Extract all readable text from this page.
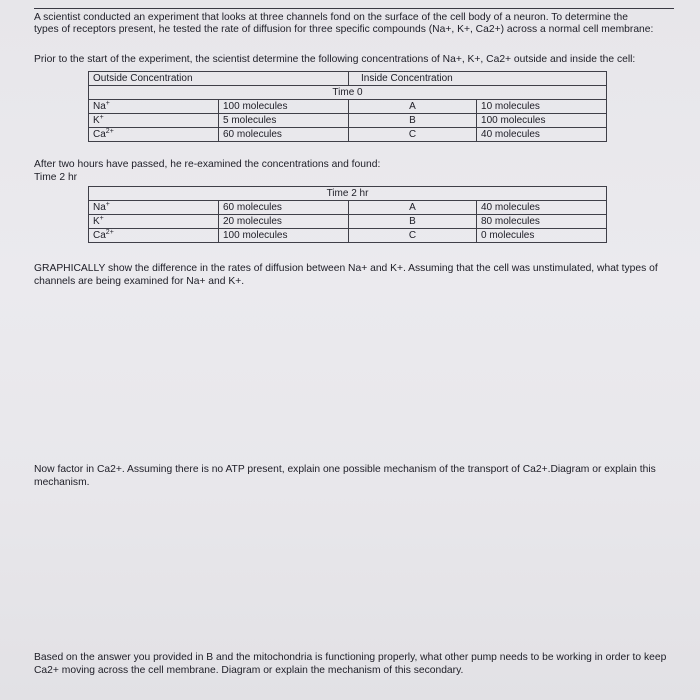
A scientist conducted an experiment that looks at three channels fond on the surface of the cell body of a neuron. To determine the
types of receptors present, he tested the rate of diffusion for three specific compounds (Na+, K+, Ca2+) across a normal cell membrane:
Prior to the start of the experiment, the scientist determine the following concentrations of Na+, K+, Ca2+ outside and inside the cell:
Outside Concentration		Inside Concentration	
Time 0			
Na+	100 molecules	A	10 molecules
K+	5 molecules	B	100 molecules
$Ca^{2+}$	60 molecules	C	40 molecules
After two hours have passed, he re-examined the concentrations and found:
Time 2 hr
Time 2 hr			
Na+	60 molecules	A	40 molecules
K+	20 molecules	B	80 molecules
$Ca^{2+}$	100 molecules	C	0 molecules
GRAPHICALLY show the difference in the rates of diffusion between Na+ and K+. Assuming that the cell was unstimulated, what types of channels are being examined for Na+ and K+.
Now factor in Ca2+. Assuming there is no ATP present, explain one possible mechanism of the transport of Ca2+.Diagram or explain this mechanism.
Based on the answer you provided in B and the mitochondria is functioning properly, what other pump needs to be working in order to keep Ca2+ moving across the cell membrane. Diagram or explain the mechanism of this secondary.
